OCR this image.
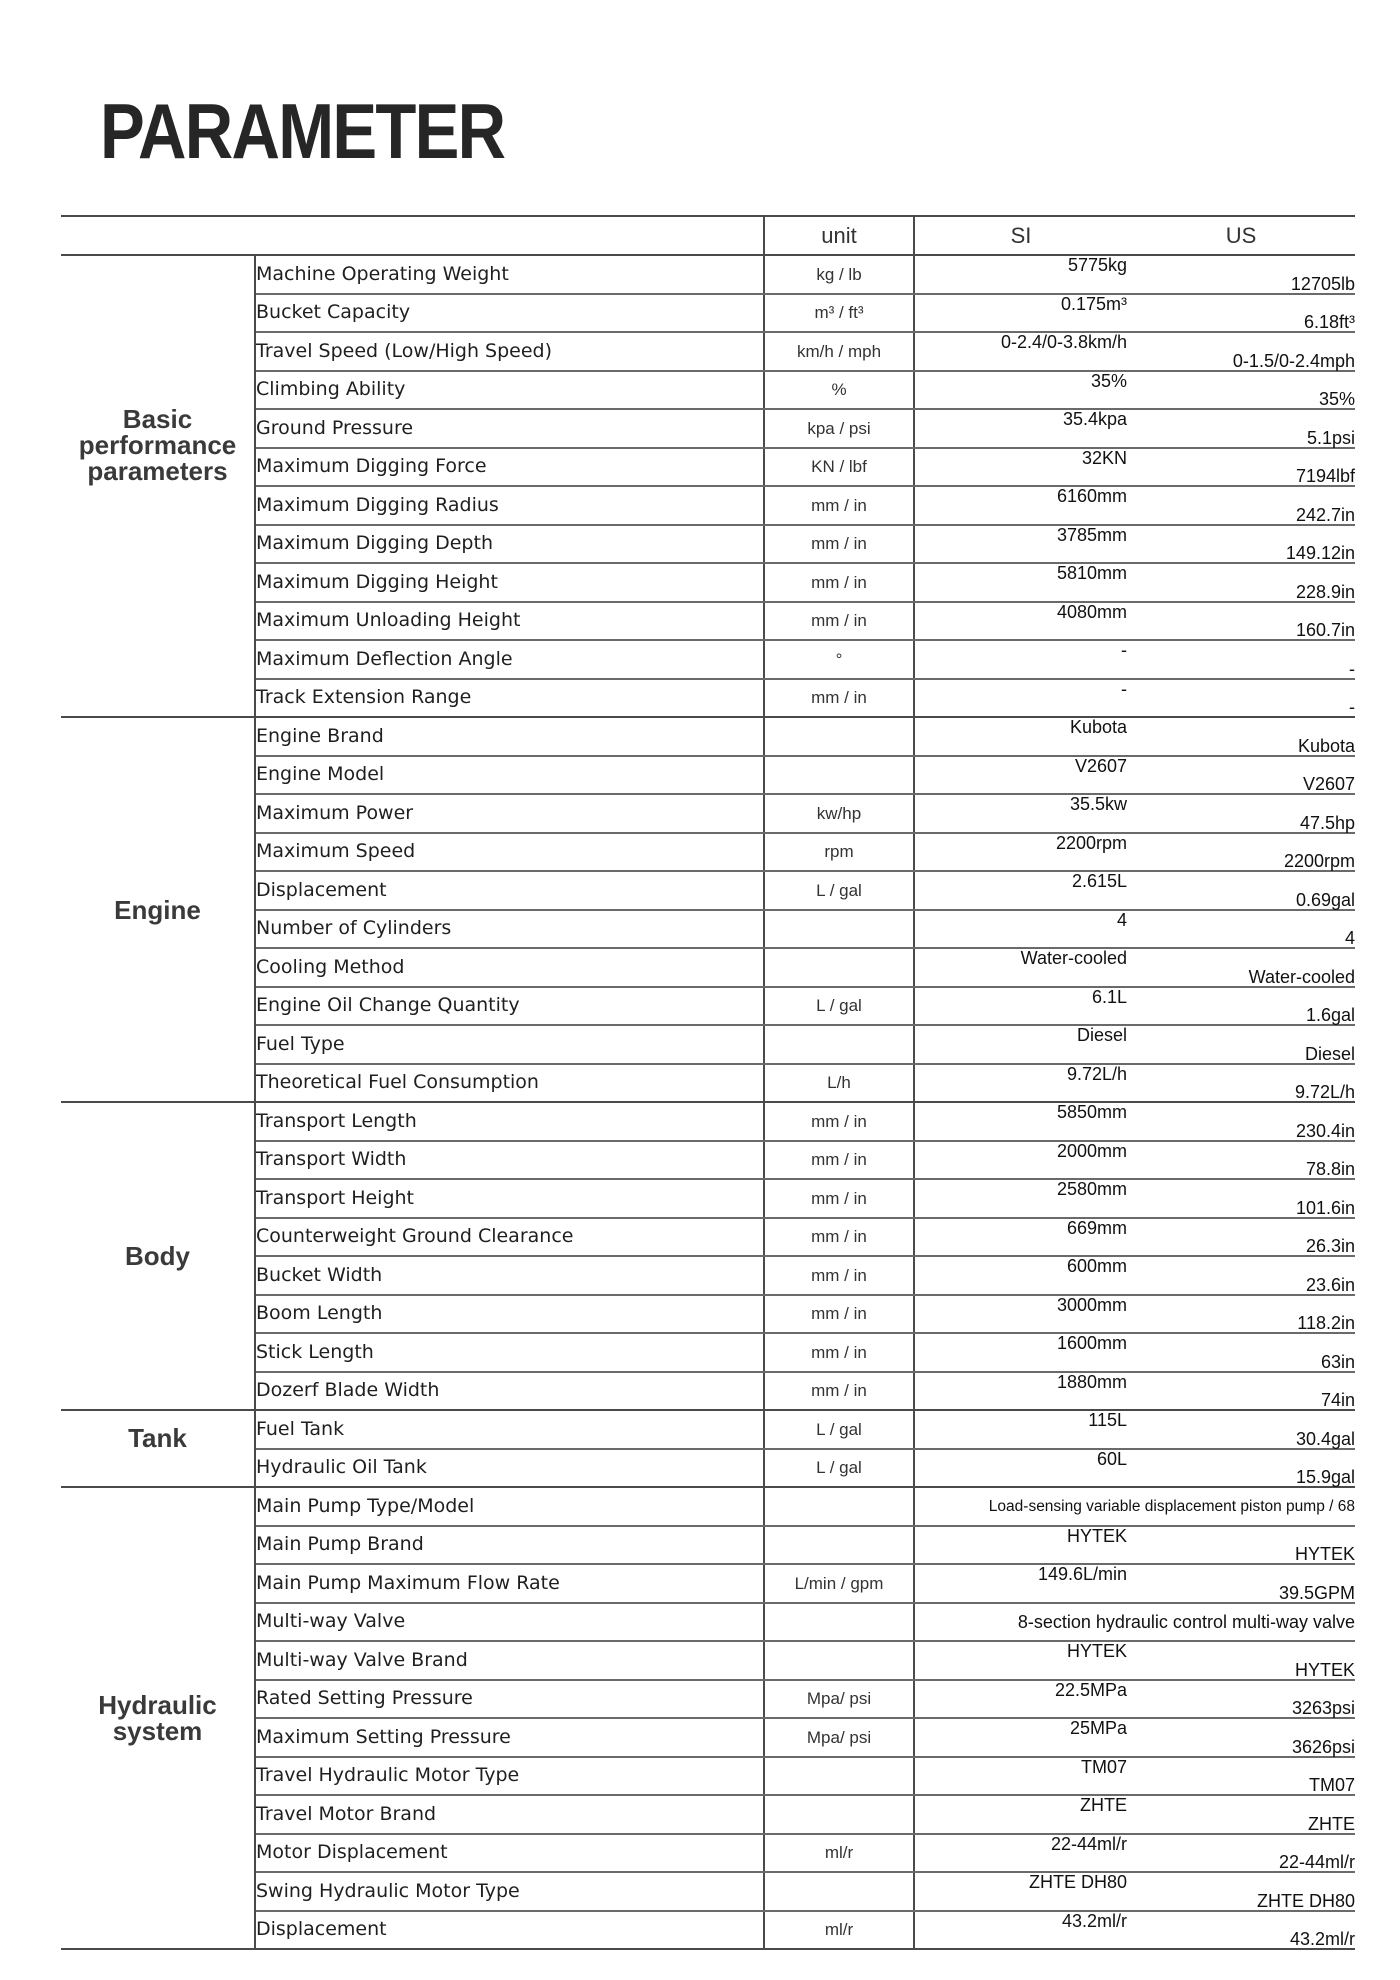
PARAMETER
		unit	SI	US
Basic performance parameters	Machine Operating Weight	kg / lb	5775kg	12705lb
	Bucket Capacity	m³ / ft³	0.175m³	6.18ft³
	Travel Speed (Low/High Speed)	km/h / mph	0-2.4/0-3.8km/h	0-1.5/0-2.4mph
	Climbing Ability	%	35%	35%
	Ground Pressure	kpa / psi	35.4kpa	5.1psi
	Maximum Digging Force	KN / lbf	32KN	7194lbf
	Maximum Digging Radius	mm / in	6160mm	242.7in
	Maximum Digging Depth	mm / in	3785mm	149.12in
	Maximum Digging Height	mm / in	5810mm	228.9in
	Maximum Unloading Height	mm / in	4080mm	160.7in
	Maximum Deflection Angle	°	-	-
	Track Extension Range	mm / in	-	-
Engine	Engine Brand		Kubota	Kubota
	Engine Model		V2607	V2607
	Maximum Power	kw/hp	35.5kw	47.5hp
	Maximum Speed	rpm	2200rpm	2200rpm
	Displacement	L / gal	2.615L	0.69gal
	Number of Cylinders		4	4
	Cooling Method		Water-cooled	Water-cooled
	Engine Oil Change Quantity	L / gal	6.1L	1.6gal
	Fuel Type		Diesel	Diesel
	Theoretical Fuel Consumption	L/h	9.72L/h	9.72L/h
Body	Transport Length	mm / in	5850mm	230.4in
	Transport Width	mm / in	2000mm	78.8in
	Transport Height	mm / in	2580mm	101.6in
	Counterweight Ground Clearance	mm / in	669mm	26.3in
	Bucket Width	mm / in	600mm	23.6in
	Boom Length	mm / in	3000mm	118.2in
	Stick Length	mm / in	1600mm	63in
	Dozerf Blade Width	mm / in	1880mm	74in
Tank	Fuel Tank	L / gal	115L	30.4gal
	Hydraulic Oil Tank	L / gal	60L	15.9gal
Hydraulic system	Main Pump Type/Model		Load-sensing variable displacement piston pump / 68	
	Main Pump Brand		HYTEK	HYTEK
	Main Pump Maximum Flow Rate	L/min / gpm	149.6L/min	39.5GPM
	Multi-way Valve		8-section hydraulic control multi-way valve	
	Multi-way Valve Brand		HYTEK	HYTEK
	Rated Setting Pressure	Mpa/ psi	22.5MPa	3263psi
	Maximum Setting Pressure	Mpa/ psi	25MPa	3626psi
	Travel Hydraulic Motor Type		TM07	TM07
	Travel Motor Brand		ZHTE	ZHTE
	Motor Displacement	ml/r	22-44ml/r	22-44ml/r
	Swing Hydraulic Motor Type		ZHTE DH80	ZHTE DH80
	Displacement	ml/r	43.2ml/r	43.2ml/r
